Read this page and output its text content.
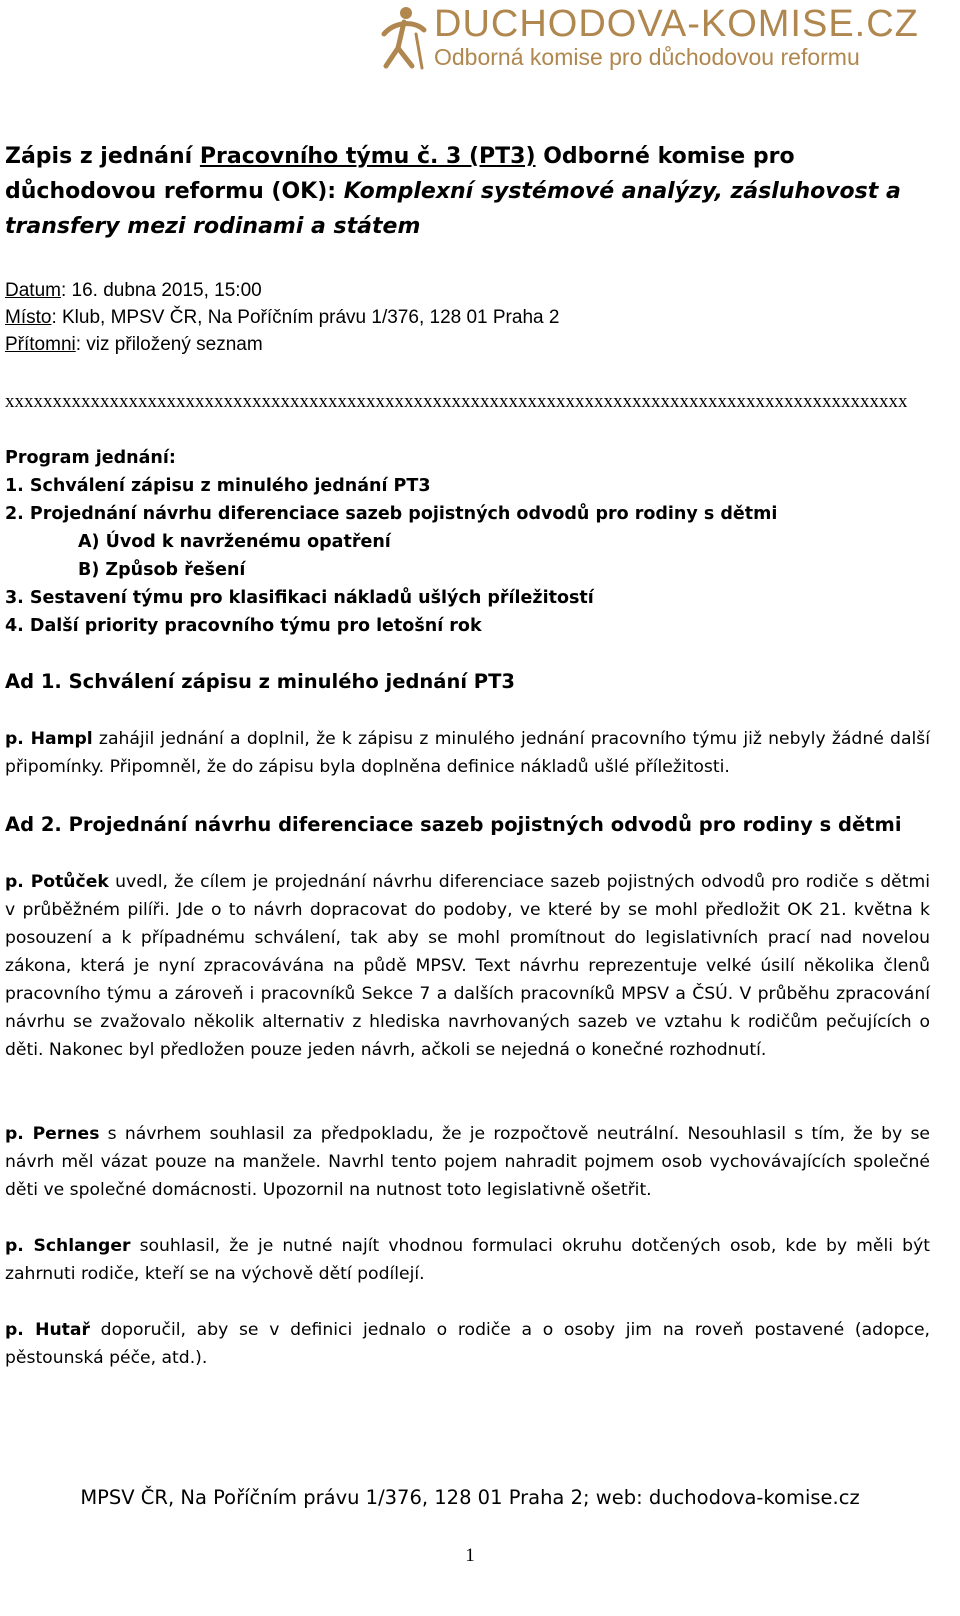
DUCHODOVA-KOMISE.CZ
Odborná komise pro důchodovou reformu
Zápis z jednání Pracovního týmu č. 3 (PT3) Odborné komise pro důchodovou reformu (OK): Komplexní systémové analýzy, zásluhovost a transfery mezi rodinami a státem
Datum: 16. dubna 2015, 15:00
Místo: Klub, MPSV ČR, Na Poříčním právu 1/376, 128 01 Praha 2
Přítomni: viz přiložený seznam
xxxxxxxxxxxxxxxxxxxxxxxxxxxxxxxxxxxxxxxxxxxxxxxxxxxxxxxxxxxxxxxxxxxxxxxxxxxxxxxxxxxxxxxxxxxxxxx
Program jednání:
1. Schválení zápisu z minulého jednání PT3
2. Projednání návrhu diferenciace sazeb pojistných odvodů pro rodiny s dětmi
A) Úvod k navrženému opatření
B) Způsob řešení
3. Sestavení týmu pro klasifikaci nákladů ušlých příležitostí
4. Další priority pracovního týmu pro letošní rok
Ad 1. Schválení zápisu z minulého jednání PT3
p. Hampl zahájil jednání a doplnil, že k zápisu z minulého jednání pracovního týmu již nebyly žádné další připomínky. Připomněl, že do zápisu byla doplněna definice nákladů ušlé příležitosti.
Ad 2. Projednání návrhu diferenciace sazeb pojistných odvodů pro rodiny s dětmi
p. Potůček uvedl, že cílem je projednání návrhu diferenciace sazeb pojistných odvodů pro rodiče s dětmi v průběžném pilíři. Jde o to návrh dopracovat do podoby, ve které by se mohl předložit OK 21. května k posouzení a k případnému schválení, tak aby se mohl promítnout do legislativních prací nad novelou zákona, která je nyní zpracovávána na půdě MPSV. Text návrhu reprezentuje velké úsilí několika členů pracovního týmu a zároveň i pracovníků Sekce 7 a dalších pracovníků MPSV a ČSÚ. V průběhu zpracování návrhu se zvažovalo několik alternativ z hlediska navrhovaných sazeb ve vztahu k rodičům pečujících o děti. Nakonec byl předložen pouze jeden návrh, ačkoli se nejedná o konečné rozhodnutí.
p. Pernes s návrhem souhlasil za předpokladu, že je rozpočtově neutrální. Nesouhlasil s tím, že by se návrh měl vázat pouze na manžele. Navrhl tento pojem nahradit pojmem osob vychovávajících společné děti ve společné domácnosti. Upozornil na nutnost toto legislativně ošetřit.
p. Schlanger souhlasil, že je nutné najít vhodnou formulaci okruhu dotčených osob, kde by měli být zahrnuti rodiče, kteří se na výchově dětí podílejí.
p. Hutař doporučil, aby se v definici jednalo o rodiče a o osoby jim na roveň postavené (adopce, pěstounská péče, atd.).
MPSV ČR, Na Poříčním právu 1/376, 128 01 Praha 2; web: duchodova-komise.cz
1
